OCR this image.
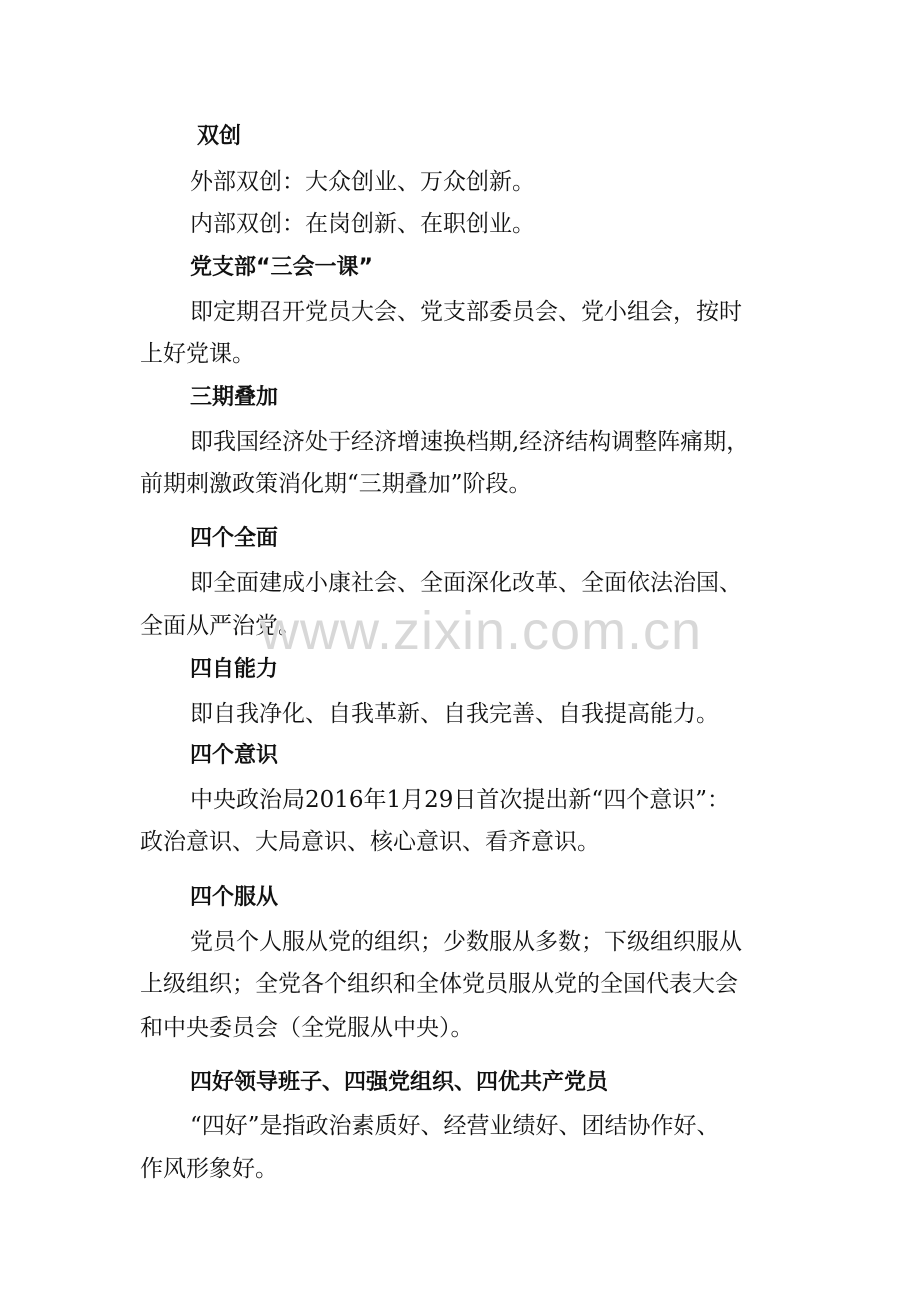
作风形象好。
“四好”是指政治素质好、经营业绩好、团结协作好、
四好领导班子、四强党组织、四优共产党员
和中央委员会（全党服从中央）。
上级组织；全党各个组织和全体党员服从党的全国代表大会
党员个人服从党的组织；少数服从多数；下级组织服从
四个服从
政治意识、大局意识、核心意识、看齐意识。
中央政治局2016年1月29日首次提出新“四个意识”：
四个意识
即自我净化、自我革新、自我完善、自我提高能力。
四自能力
全面从严治党。
即全面建成小康社会、全面深化改革、全面依法治国、
四个全面
前期刺激政策消化期“三期叠加”阶段。
即我国经济处于经济增速换档期,经济结构调整阵痛期，
三期叠加
上好党课。
即定期召开党员大会、党支部委员会、党小组会，按时
党支部“三会一课”
内部双创：在岗创新、在职创业。
外部双创：大众创业、万众创新。
双创
www.zixin.com.cn
